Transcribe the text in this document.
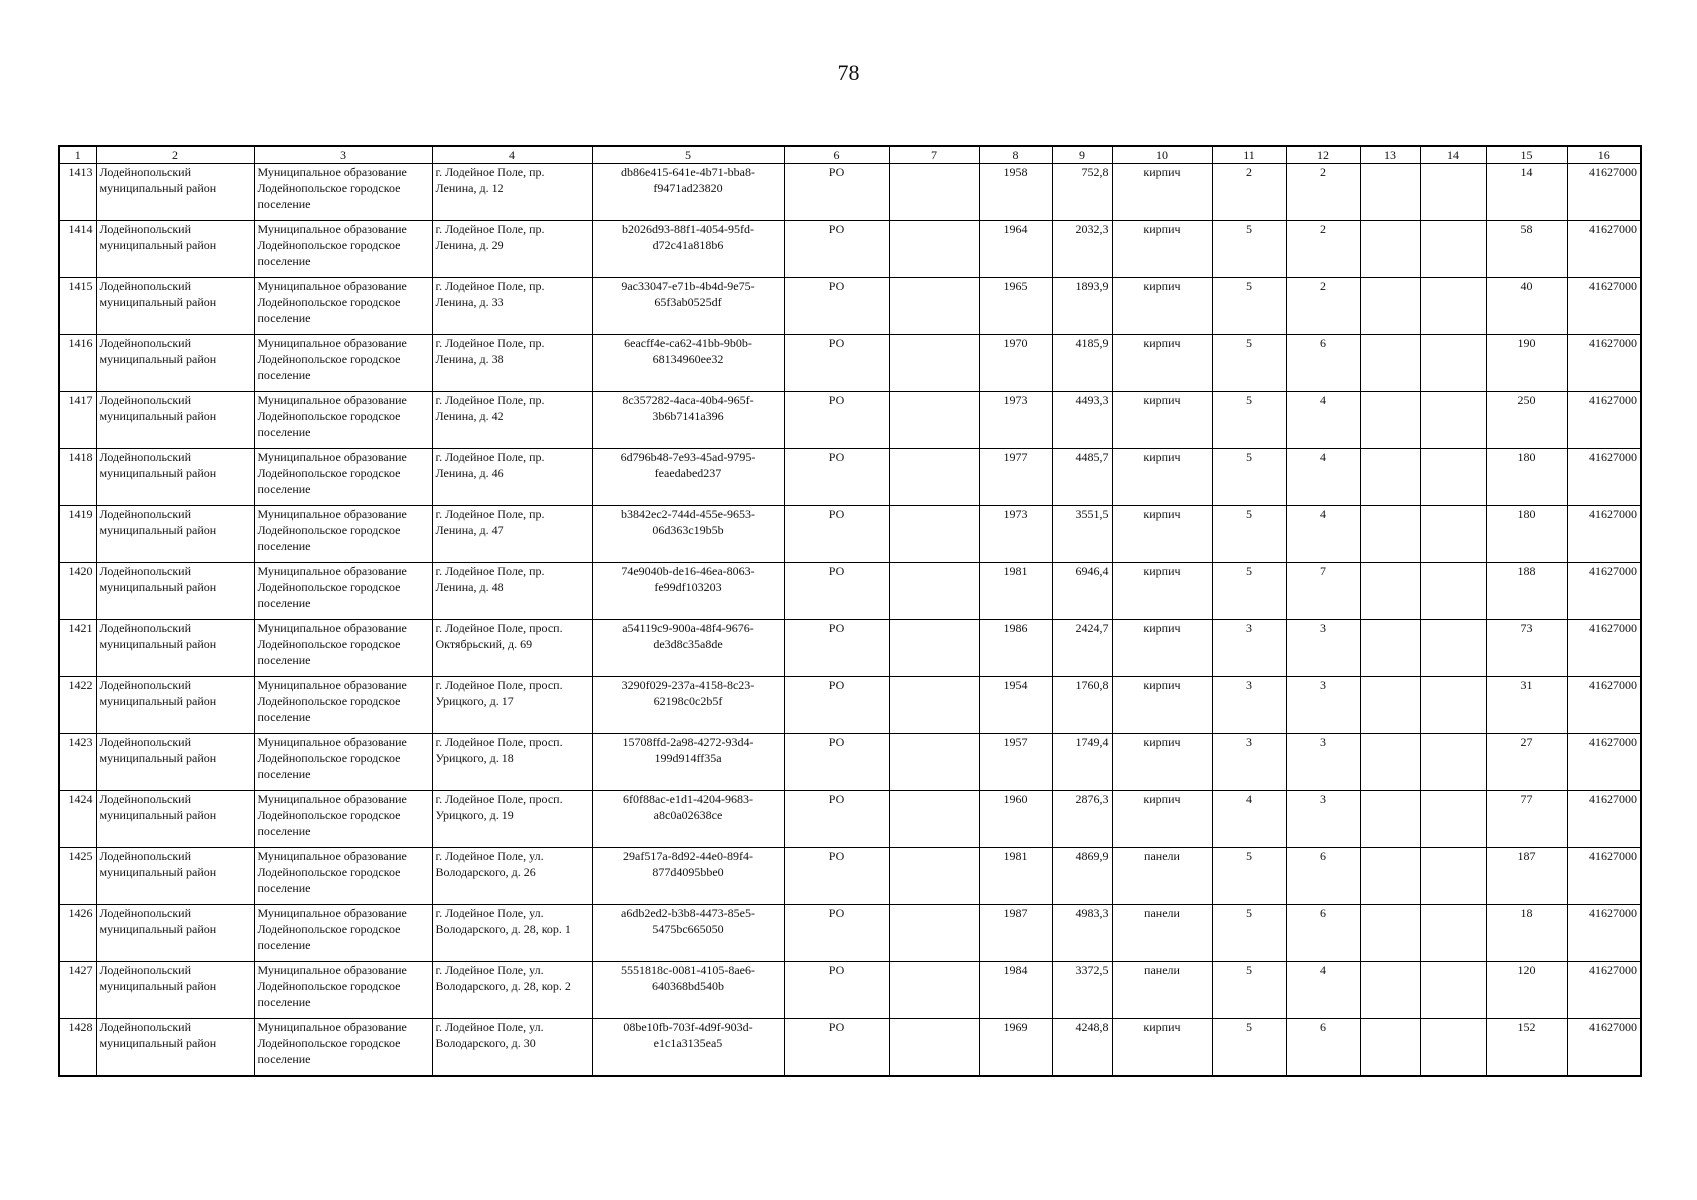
78
1	2	3	4	5	6	7	8	9	10	11	12	13	14	15	16
1413	Лодейнопольский муниципальный район	Муниципальное образование Лодейнопольское городское поселение	г. Лодейное Поле, пр. Ленина, д. 12	db86e415-641e-4b71-bba8-f9471ad23820	РО		1958	752,8	кирпич	2	2			14	41627000
1414	Лодейнопольский муниципальный район	Муниципальное образование Лодейнопольское городское поселение	г. Лодейное Поле, пр. Ленина, д. 29	b2026d93-88f1-4054-95fd-d72c41a818b6	РО		1964	2032,3	кирпич	5	2			58	41627000
1415	Лодейнопольский муниципальный район	Муниципальное образование Лодейнопольское городское поселение	г. Лодейное Поле, пр. Ленина, д. 33	9ac33047-e71b-4b4d-9e75-65f3ab0525df	РО		1965	1893,9	кирпич	5	2			40	41627000
1416	Лодейнопольский муниципальный район	Муниципальное образование Лодейнопольское городское поселение	г. Лодейное Поле, пр. Ленина, д. 38	6eacff4e-ca62-41bb-9b0b-68134960ee32	РО		1970	4185,9	кирпич	5	6			190	41627000
1417	Лодейнопольский муниципальный район	Муниципальное образование Лодейнопольское городское поселение	г. Лодейное Поле, пр. Ленина, д. 42	8c357282-4aca-40b4-965f-3b6b7141a396	РО		1973	4493,3	кирпич	5	4			250	41627000
1418	Лодейнопольский муниципальный район	Муниципальное образование Лодейнопольское городское поселение	г. Лодейное Поле, пр. Ленина, д. 46	6d796b48-7e93-45ad-9795-feaedabed237	РО		1977	4485,7	кирпич	5	4			180	41627000
1419	Лодейнопольский муниципальный район	Муниципальное образование Лодейнопольское городское поселение	г. Лодейное Поле, пр. Ленина, д. 47	b3842ec2-744d-455e-9653-06d363c19b5b	РО		1973	3551,5	кирпич	5	4			180	41627000
1420	Лодейнопольский муниципальный район	Муниципальное образование Лодейнопольское городское поселение	г. Лодейное Поле, пр. Ленина, д. 48	74e9040b-de16-46ea-8063-fe99df103203	РО		1981	6946,4	кирпич	5	7			188	41627000
1421	Лодейнопольский муниципальный район	Муниципальное образование Лодейнопольское городское поселение	г. Лодейное Поле, просп. Октябрьский, д. 69	a54119c9-900a-48f4-9676-de3d8c35a8de	РО		1986	2424,7	кирпич	3	3			73	41627000
1422	Лодейнопольский муниципальный район	Муниципальное образование Лодейнопольское городское поселение	г. Лодейное Поле, просп. Урицкого, д. 17	3290f029-237a-4158-8c23-62198c0c2b5f	РО		1954	1760,8	кирпич	3	3			31	41627000
1423	Лодейнопольский муниципальный район	Муниципальное образование Лодейнопольское городское поселение	г. Лодейное Поле, просп. Урицкого, д. 18	15708ffd-2a98-4272-93d4-199d914ff35a	РО		1957	1749,4	кирпич	3	3			27	41627000
1424	Лодейнопольский муниципальный район	Муниципальное образование Лодейнопольское городское поселение	г. Лодейное Поле, просп. Урицкого, д. 19	6f0f88ac-e1d1-4204-9683-a8c0a02638ce	РО		1960	2876,3	кирпич	4	3			77	41627000
1425	Лодейнопольский муниципальный район	Муниципальное образование Лодейнопольское городское поселение	г. Лодейное Поле, ул. Володарского, д. 26	29af517a-8d92-44e0-89f4-877d4095bbe0	РО		1981	4869,9	панели	5	6			187	41627000
1426	Лодейнопольский муниципальный район	Муниципальное образование Лодейнопольское городское поселение	г. Лодейное Поле, ул. Володарского, д. 28, кор. 1	a6db2ed2-b3b8-4473-85e5-5475bc665050	РО		1987	4983,3	панели	5	6			18	41627000
1427	Лодейнопольский муниципальный район	Муниципальное образование Лодейнопольское городское поселение	г. Лодейное Поле, ул. Володарского, д. 28, кор. 2	5551818c-0081-4105-8ae6-640368bd540b	РО		1984	3372,5	панели	5	4			120	41627000
1428	Лодейнопольский муниципальный район	Муниципальное образование Лодейнопольское городское поселение	г. Лодейное Поле, ул. Володарского, д. 30	08be10fb-703f-4d9f-903d-e1c1a3135ea5	РО		1969	4248,8	кирпич	5	6			152	41627000
